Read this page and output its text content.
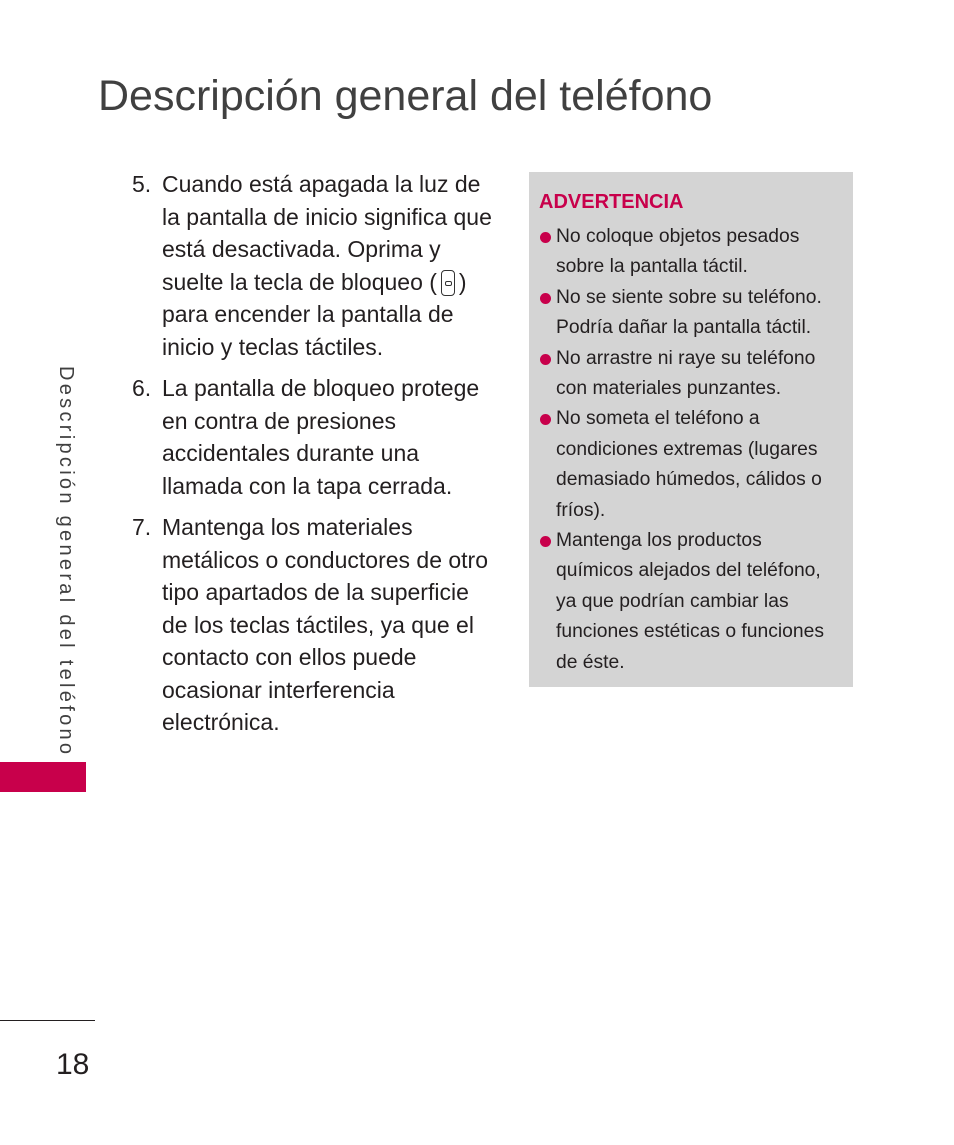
Descripción general del teléfono
5. Cuando está apagada la luz de la pantalla de inicio significa que está desactivada. Oprima y suelte la tecla de bloqueo ( ) para encender la pantalla de inicio y teclas táctiles.
6. La pantalla de bloqueo protege en contra de presiones accidentales durante una llamada con la tapa cerrada.
7. Mantenga los materiales metálicos o conductores de otro tipo apartados de la superficie de los teclas táctiles, ya que el contacto con ellos puede ocasionar interferencia electrónica.
ADVERTENCIA
No coloque objetos pesados sobre la pantalla táctil.
No se siente sobre su teléfono. Podría dañar la pantalla táctil.
No arrastre ni raye su teléfono con materiales punzantes.
No someta el teléfono a condiciones extremas (lugares demasiado húmedos, cálidos o fríos).
Mantenga los productos químicos alejados del teléfono, ya que podrían cambiar las funciones estéticas o funciones de éste.
Descripción general del teléfono
18
